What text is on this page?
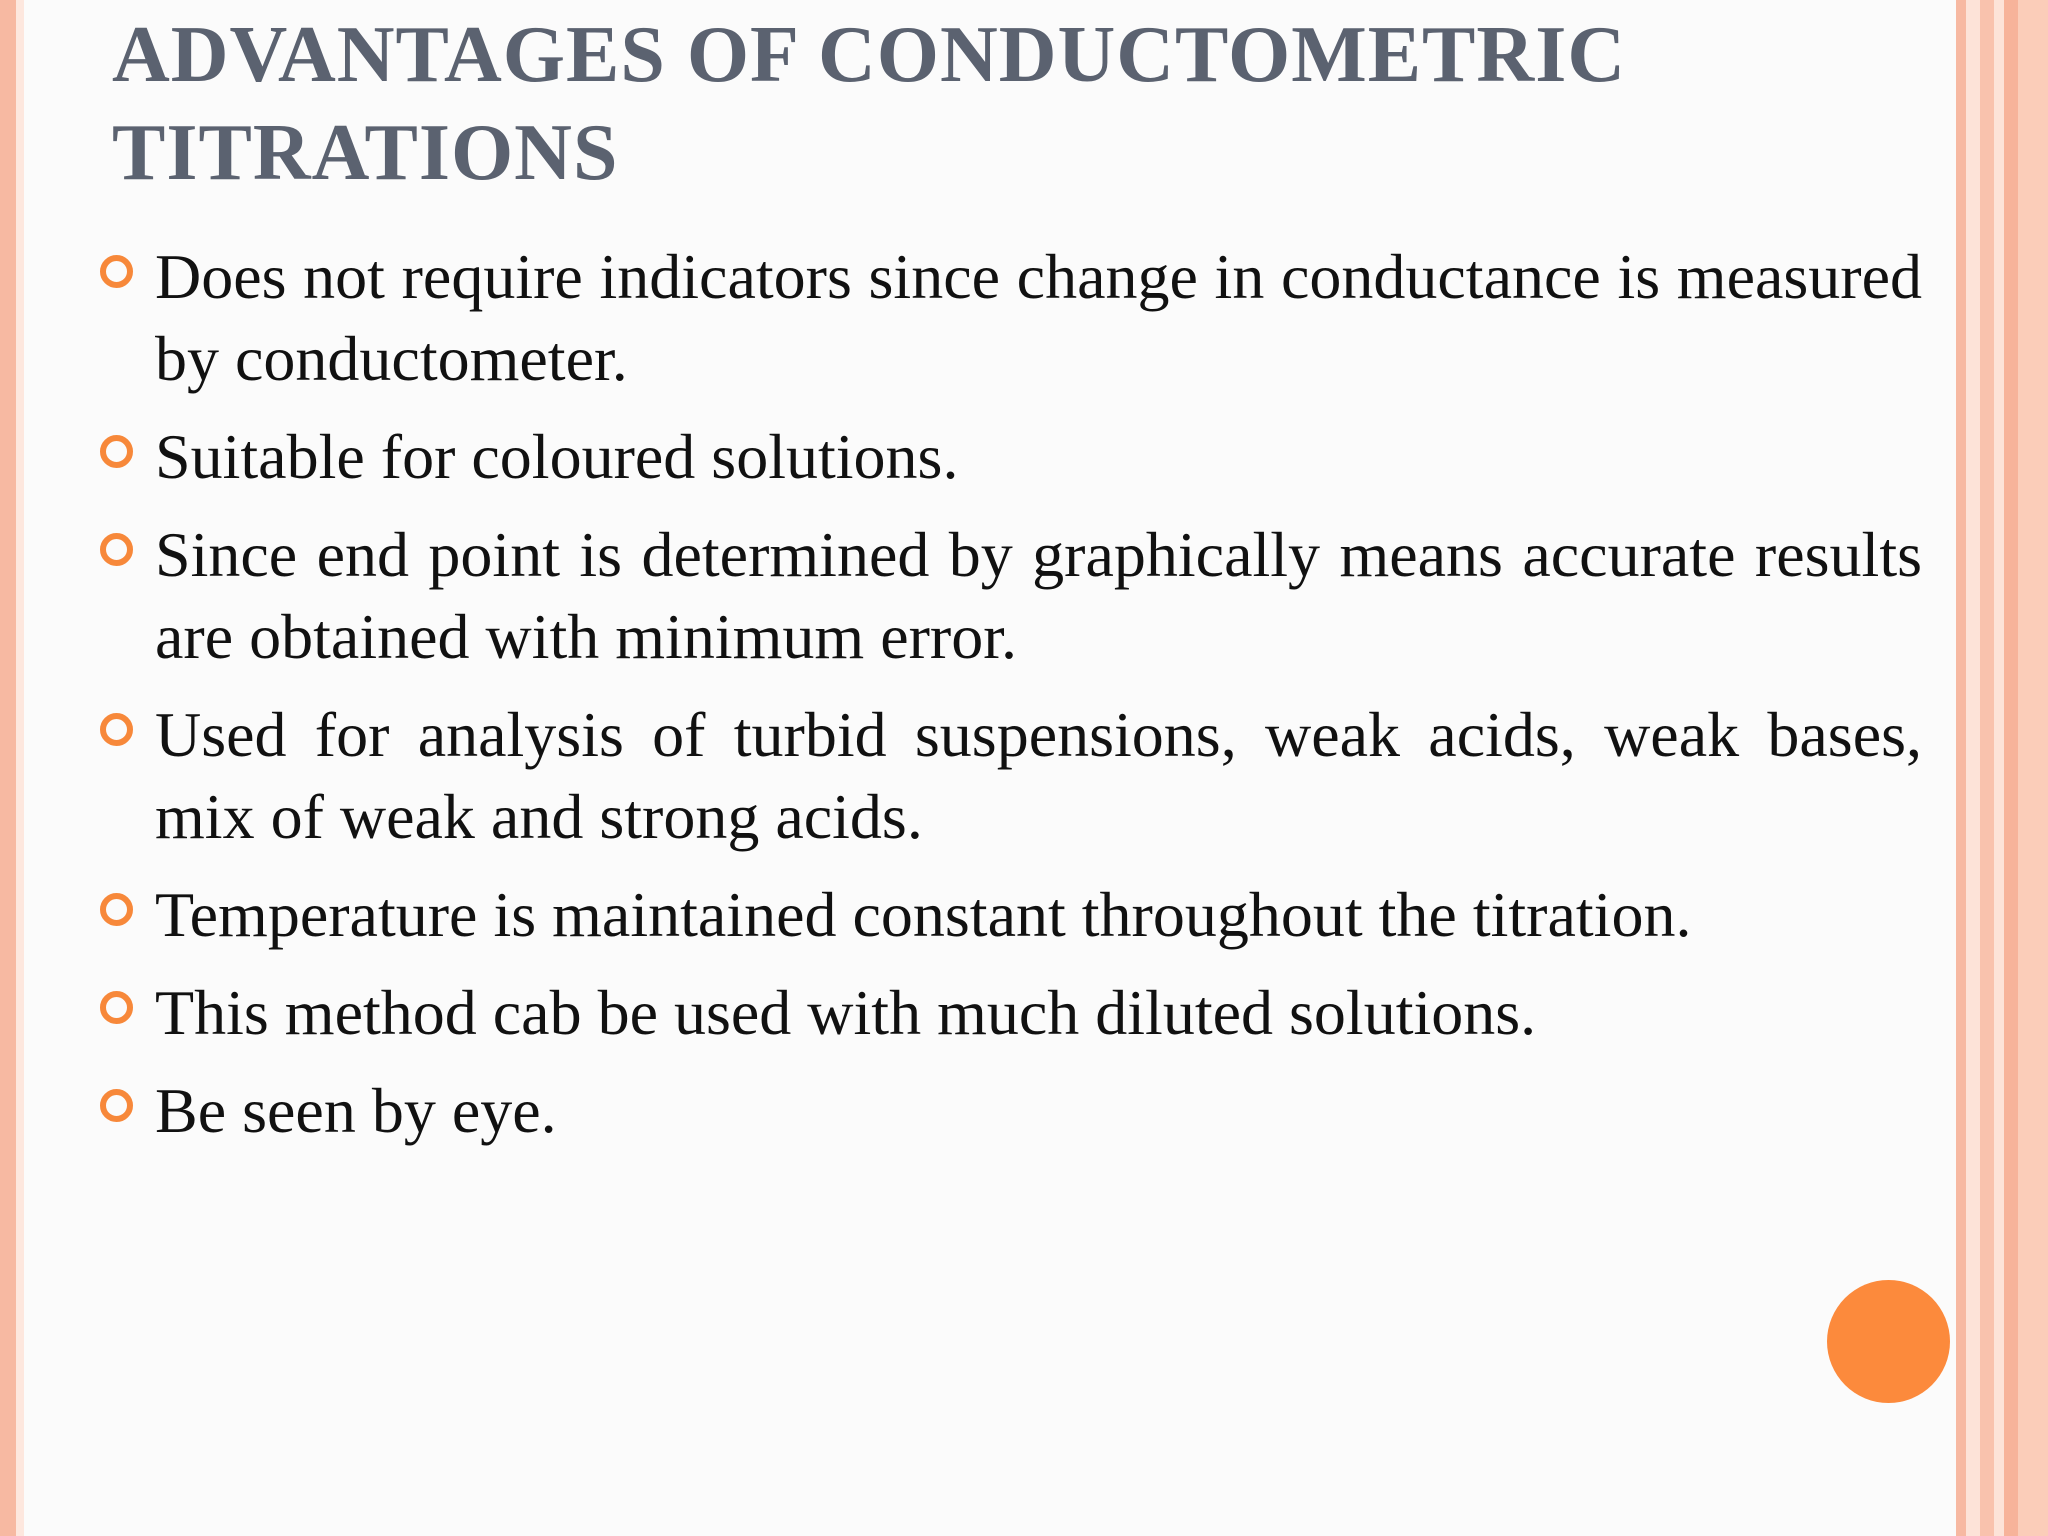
ADVANTAGES OF CONDUCTOMETRIC TITRATIONS
Does not require indicators since change in conductance is measured by conductometer.
Suitable for coloured solutions.
Since end point is determined by graphically means accurate results are obtained with minimum error.
Used for analysis of turbid suspensions, weak acids, weak bases, mix of weak and strong acids.
Temperature is maintained constant throughout the titration.
This method cab be used with much diluted solutions.
Be seen by eye.
